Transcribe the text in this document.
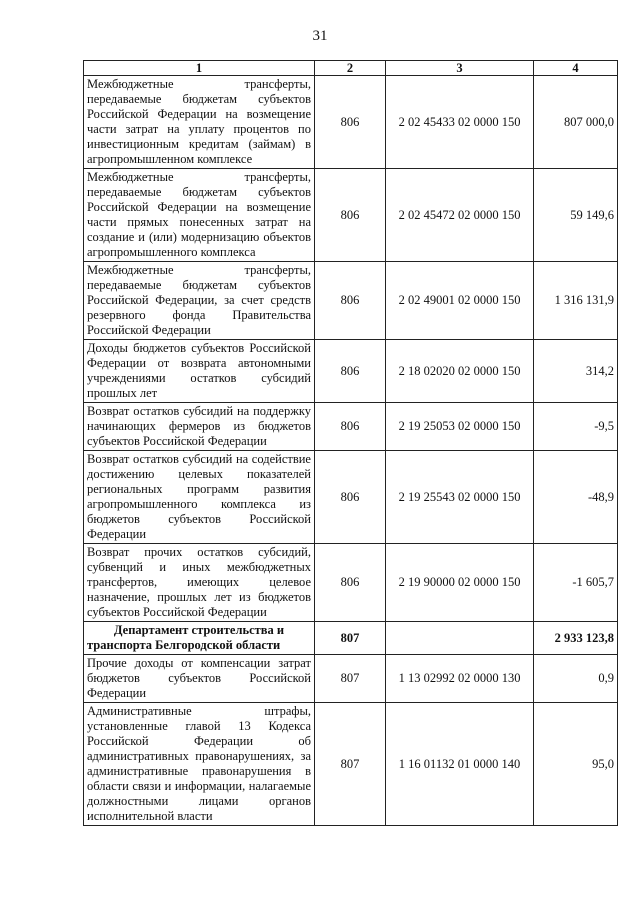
31
1	2	3	4
Межбюджетные трансферты, передаваемые бюджетам субъектов Российской Федерации на возмещение части затрат на уплату процентов по инвестиционным кредитам (займам) в агропромышленном комплексе	806	2 02 45433 02 0000 150	807 000,0
Межбюджетные трансферты, передаваемые бюджетам субъектов Российской Федерации на возмещение части прямых понесенных затрат на создание и (или) модернизацию объектов агропромышленного комплекса	806	2 02 45472 02 0000 150	59 149,6
Межбюджетные трансферты, передаваемые бюджетам субъектов Российской Федерации, за счет средств резервного фонда Правительства Российской Федерации	806	2 02 49001 02 0000 150	1 316 131,9
Доходы бюджетов субъектов Российской Федерации от возврата автономными учреждениями остатков субсидий прошлых лет	806	2 18 02020 02 0000 150	314,2
Возврат остатков субсидий на поддержку начинающих фермеров из бюджетов субъектов Российской Федерации	806	2 19 25053 02 0000 150	-9,5
Возврат остатков субсидий на содействие достижению целевых показателей региональных программ развития агропромышленного комплекса из бюджетов субъектов Российской Федерации	806	2 19 25543 02 0000 150	-48,9
Возврат прочих остатков субсидий, субвенций и иных межбюджетных трансфертов, имеющих целевое назначение, прошлых лет из бюджетов субъектов Российской Федерации	806	2 19 90000 02 0000 150	-1 605,7
Департамент строительства и транспорта Белгородской области	807		2 933 123,8
Прочие доходы от компенсации затрат бюджетов субъектов Российской Федерации	807	1 13 02992 02 0000 130	0,9
Административные штрафы, установленные главой 13 Кодекса Российской Федерации об административных правонарушениях, за административные правонарушения в области связи и информации, налагаемые должностными лицами органов исполнительной власти	807	1 16 01132 01 0000 140	95,0
